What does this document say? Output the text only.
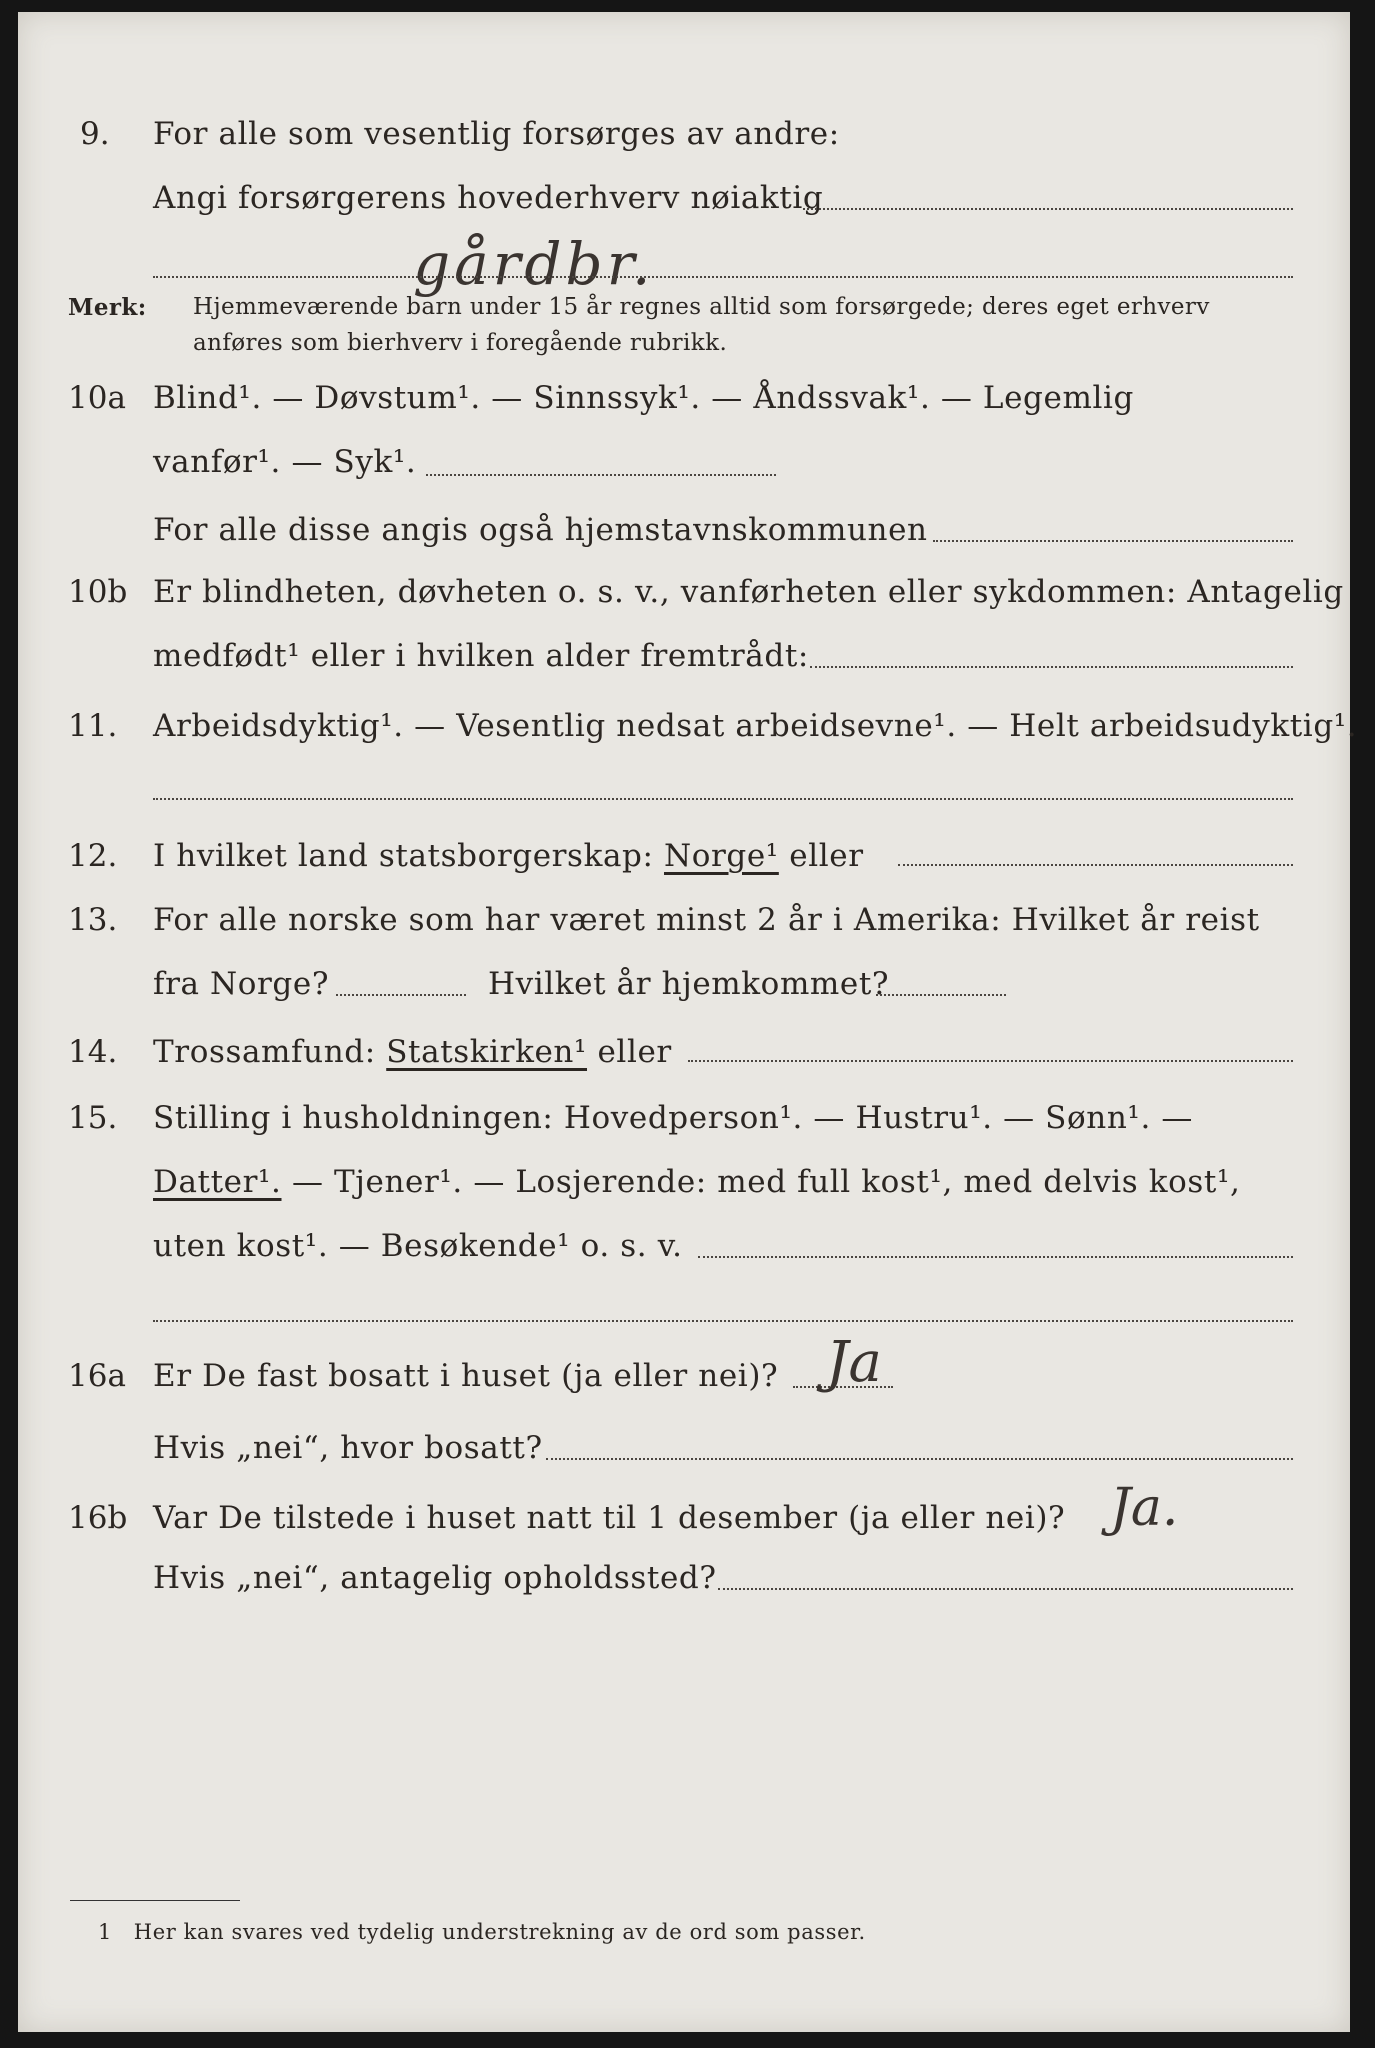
9. For alle som vesentlig forsørges av andre:
Angi forsørgerens hovederhverv nøiaktig
gårdbr.
Merk: Hjemmeværende barn under 15 år regnes alltid som forsørgede; deres eget erhverv
anføres som bierhverv i foregående rubrikk.
10a Blind¹. — Døvstum¹. — Sinnssyk¹. — Åndssvak¹. — Legemlig
vanfør¹. — Syk¹.
For alle disse angis også hjemstavnskommunen
10b Er blindheten, døvheten o. s. v., vanførheten eller sykdommen: Antagelig
medfødt¹ eller i hvilken alder fremtrådt:
11. Arbeidsdyktig¹. — Vesentlig nedsat arbeidsevne¹. — Helt arbeidsudyktig¹.
12. I hvilket land statsborgerskap: Norge¹ eller
13. For alle norske som har været minst 2 år i Amerika: Hvilket år reist
fra Norge?	Hvilket år hjemkommet?
14. Trossamfund: Statskirken¹ eller
15. Stilling i husholdningen: Hovedperson¹. — Hustru¹. — Sønn¹. —
Datter¹. — Tjener¹. — Losjerende: med full kost¹, med delvis kost¹,
uten kost¹. — Besøkende¹ o. s. v.
16a Er De fast bosatt i huset (ja eller nei)? Ja
Hvis „nei“, hvor bosatt?
16b Var De tilstede i huset natt til 1 desember (ja eller nei)? Ja.
Hvis „nei“, antagelig opholdssted?
1 Her kan svares ved tydelig understrekning av de ord som passer.
